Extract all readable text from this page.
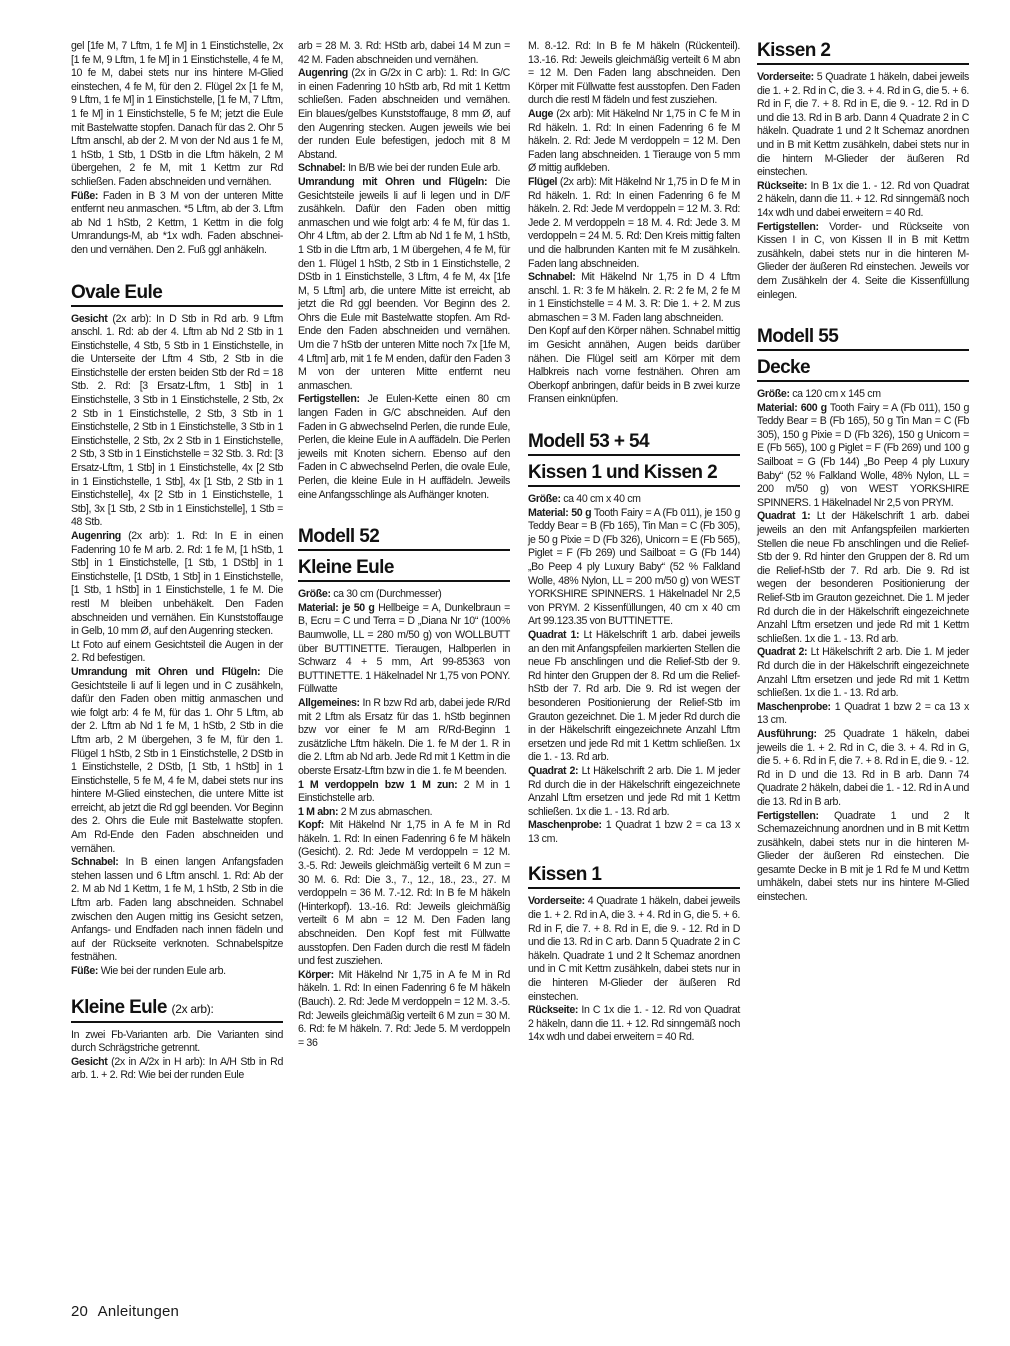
gel [1fe M, 7 Lftm, 1 fe M] in 1 Einstichstelle, 2x [1 fe M, 9 Lftm, 1 fe M] in 1 Einstichstelle, 4 fe M, 10 fe M, dabei stets nur ins hintere M-Glied einstechen, 4 fe M, für den 2. Flügel 2x [1 fe M, 9 Lftm, 1 fe M] in 1 Einstichstelle, [1 fe M, 7 Lftm, 1 fe M] in 1 Einstichstelle, 5 fe M; jetzt die Eule mit Bastelwatte stopfen. Danach für das 2. Ohr 5 Lftm anschl, ab der 2. M von der Nd aus 1 fe M, 1 hStb, 1 Stb, 1 DStb in die Lftm häkeln, 2 M übergehen, 2 fe M, mit 1 Kettm zur Rd schließen. Faden abschneiden und vernähen.

Füße: Faden in B 3 M von der unteren Mitte entfernt neu anmaschen. *5 Lftm, ab der 3. Lftm ab Nd 1 hStb, 2 Kettm, 1 Kettm in die folg Umrandungs-M, ab *1x wdh. Faden abschnei-den und vernähen. Den 2. Fuß ggl anhäkeln.

Ovale Eule

Gesicht (2x arb): In D Stb in Rd arb. 9 Lftm anschl. 1. Rd: ab der 4. Lftm ab Nd 2 Stb in 1 Einstichstelle, 4 Stb, 5 Stb in 1 Einstichstelle, in die Unterseite der Lftm 4 Stb, 2 Stb in die Einstichstelle der ersten beiden Stb der Rd = 18 Stb. 2. Rd: [3 Ersatz-Lftm, 1 Stb] in 1 Einstichstelle, 3 Stb in 1 Einstichstelle, 2 Stb, 2x 2 Stb in 1 Einstichstelle, 2 Stb, 3 Stb in 1 Einstichstelle, 2 Stb in 1 Einstichstelle, 3 Stb in 1 Einstichstelle, 2 Stb, 2x 2 Stb in 1 Einstichstelle, 2 Stb, 3 Stb in 1 Einstichstelle = 32 Stb. 3. Rd: [3 Ersatz-Lftm, 1 Stb] in 1 Einstichstelle, 4x [2 Stb in 1 Einstichstelle, 1 Stb], 4x [1 Stb, 2 Stb in 1 Einstichstelle], 4x [2 Stb in 1 Einstichstelle, 1 Stb], 3x [1 Stb, 2 Stb in 1 Einstichstelle], 1 Stb = 48 Stb.

Augenring (2x arb): 1. Rd: In E in einen Fadenring 10 fe M arb. 2. Rd: 1 fe M, [1 hStb, 1 Stb] in 1 Einstichstelle, [1 Stb, 1 DStb] in 1 Einstichstelle, [1 DStb, 1 Stb] in 1 Einstichstelle, [1 Stb, 1 hStb] in 1 Einstichstelle, 1 fe M. Die restl M bleiben unbehäkelt. Den Faden abschneiden und vernähen. Ein Kunststoffauge in Gelb, 10 mm Ø, auf den Augenring stecken.

Lt Foto auf einem Gesichtsteil die Augen in der 2. Rd befestigen.

Umrandung mit Ohren und Flügeln: Die Gesichtsteile li auf li legen und in C zusähkeln, dafür den Faden oben mittig anmaschen und wie folgt arb: 4 fe M, für das 1. Ohr 5 Lftm, ab der 2. Lftm ab Nd 1 fe M, 1 hStb, 2 Stb in die Lftm arb, 2 M übergehen, 3 fe M, für den 1. Flügel 1 hStb, 2 Stb in 1 Einstichstelle, 2 DStb in 1 Einstichstelle, 2 DStb, [1 Stb, 1 hStb] in 1 Einstichstelle, 5 fe M, 4 fe M, dabei stets nur ins hintere M-Glied einstechen, die untere Mitte ist erreicht, ab jetzt die Rd ggl beenden. Vor Beginn des 2. Ohrs die Eule mit Bastelwatte stopfen. Am Rd-Ende den Faden abschneiden und vernähen.

Schnabel: In B einen langen Anfangsfaden stehen lassen und 6 Lftm anschl. 1. Rd: Ab der 2. M ab Nd 1 Kettm, 1 fe M, 1 hStb, 2 Stb in die Lftm arb. Faden lang abschneiden. Schnabel zwischen den Augen mittig ins Gesicht setzen, Anfangs- und Endfaden nach innen fädeln und auf der Rückseite verknoten. Schnabelspitze festnähen.

Füße: Wie bei der runden Eule arb.

Kleine Eule (2x arb):

In zwei Fb-Varianten arb. Die Varianten sind durch Schrägstriche getrennt.

Gesicht (2x in A/2x in H arb): In A/H Stb in Rd arb. 1. + 2. Rd: Wie bei der runden Eule

arb = 28 M. 3. Rd: HStb arb, dabei 14 M zun = 42 M. Faden abschneiden und vernähen.

Augenring (2x in G/2x in C arb): 1. Rd: In G/C in einen Fadenring 10 hStb arb, Rd mit 1 Kettm schließen. Faden abschneiden und vernähen. Ein blaues/gelbes Kunststoffauge, 8 mm Ø, auf den Augenring stecken. Augen jeweils wie bei der runden Eule befestigen, jedoch mit 8 M Abstand.

Schnabel: In B/B wie bei der runden Eule arb.

Umrandung mit Ohren und Flügeln: Die Gesichtsteile jeweils li auf li legen und in D/F zusähkeln. Dafür den Faden oben mittig anmaschen und wie folgt arb: 4 fe M, für das 1. Ohr 4 Lftm, ab der 2. Lftm ab Nd 1 fe M, 1 hStb, 1 Stb in die Lftm arb, 1 M übergehen, 4 fe M, für den 1. Flügel 1 hStb, 2 Stb in 1 Einstichstelle, 2 DStb in 1 Einstichstelle, 3 Lftm, 4 fe M, 4x [1fe M, 5 Lftm] arb, die untere Mitte ist erreicht, ab jetzt die Rd ggl beenden. Vor Beginn des 2. Ohrs die Eule mit Bastelwatte stopfen. Am Rd-Ende den Faden abschneiden und vernähen. Um die 7 hStb der unteren Mitte noch 7x [1fe M, 4 Lftm] arb, mit 1 fe M enden, dafür den Faden 3 M von der unteren Mitte entfernt neu anmaschen.

Fertigstellen: Je Eulen-Kette einen 80 cm langen Faden in G/C abschneiden. Auf den Faden in G abwechselnd Perlen, die runde Eule, Perlen, die kleine Eule in A auffädeln. Die Perlen jeweils mit Knoten sichern. Ebenso auf den Faden in C abwechselnd Perlen, die ovale Eule, Perlen, die kleine Eule in H auffädeln. Jeweils eine Anfangsschlinge als Aufhänger knoten.

Modell 52
Kleine Eule

Größe: ca 30 cm (Durchmesser)

Material: je 50 g Hellbeige = A, Dunkelbraun = B, Ecru = C und Terra = D „Diana Nr 10“ (100% Baumwolle, LL = 280 m/50 g) von WOLLBUTT über BUTTINETTE. Tieraugen, Halbperlen in Schwarz 4 + 5 mm, Art 99-85363 von BUTTINETTE. 1 Häkelnadel Nr 1,75 von PONY. Füllwatte

Allgemeines: In R bzw Rd arb, dabei jede R/Rd mit 2 Lftm als Ersatz für das 1. hStb beginnen bzw vor einer fe M am R/Rd-Beginn 1 zusätzliche Lftm häkeln. Die 1. fe M der 1. R in die 2. Lftm ab Nd arb. Jede Rd mit 1 Kettm in die oberste Ersatz-Lftm bzw in die 1. fe M beenden.

1 M verdoppeln bzw 1 M zun: 2 M in 1 Einstichstelle arb.

1 M abn: 2 M zus abmaschen.

Kopf: Mit Häkelnd Nr 1,75 in A fe M in Rd häkeln. 1. Rd: In einen Fadenring 6 fe M häkeln (Gesicht). 2. Rd: Jede M verdoppeln = 12 M. 3.-5. Rd: Jeweils gleichmäßig verteilt 6 M zun = 30 M. 6. Rd: Die 3., 7., 12., 18., 23., 27. M verdoppeln = 36 M. 7.-12. Rd: In B fe M häkeln (Hinterkopf). 13.-16. Rd: Jeweils gleichmäßig verteilt 6 M abn = 12 M. Den Faden lang abschneiden. Den Kopf fest mit Füllwatte ausstopfen. Den Faden durch die restl M fädeln und fest zusziehen.

Körper: Mit Häkelnd Nr 1,75 in A fe M in Rd häkeln. 1. Rd: In einen Fadenring 6 fe M häkeln (Bauch). 2. Rd: Jede M verdoppeln = 12 M. 3.-5. Rd: Jeweils gleichmäßig verteilt 6 M zun = 30 M. 6. Rd: fe M häkeln. 7. Rd: Jede 5. M verdoppeln = 36

M. 8.-12. Rd: In B fe M häkeln (Rückenteil). 13.-16. Rd: Jeweils gleichmäßig verteilt 6 M abn = 12 M. Den Faden lang abschneiden. Den Körper mit Füllwatte fest ausstopfen. Den Faden durch die restl M fädeln und fest zusziehen.

Auge (2x arb): Mit Häkelnd Nr 1,75 in C fe M in Rd häkeln. 1. Rd: In einen Fadenring 6 fe M häkeln. 2. Rd: Jede M verdoppeln = 12 M. Den Faden lang abschneiden. 1 Tierauge von 5 mm Ø mittig aufkleben.

Flügel (2x arb): Mit Häkelnd Nr 1,75 in D fe M in Rd häkeln. 1. Rd: In einen Fadenring 6 fe M häkeln. 2. Rd: Jede M verdoppeln = 12 M. 3. Rd: Jede 2. M verdoppeln = 18 M. 4. Rd: Jede 3. M verdoppeln = 24 M. 5. Rd: Den Kreis mittig falten und die halbrunden Kanten mit fe M zusähkeln. Faden lang abschneiden.

Schnabel: Mit Häkelnd Nr 1,75 in D 4 Lftm anschl. 1. R: 3 fe M häkeln. 2. R: 2 fe M, 2 fe M in 1 Einstichstelle = 4 M. 3. R: Die 1. + 2. M zus abmaschen = 3 M. Faden lang abschneiden.

Den Kopf auf den Körper nähen. Schnabel mittig im Gesicht annähen, Augen beids darüber nähen. Die Flügel seitl am Körper mit dem Halbkreis nach vorne festnähen. Ohren am Oberkopf anbringen, dafür beids in B zwei kurze Fransen einknüpfen.

Modell 53 + 54
Kissen 1 und Kissen 2

Größe: ca 40 cm x 40 cm

Material: 50 g Tooth Fairy = A (Fb 011), je 150 g Teddy Bear = B (Fb 165), Tin Man = C (Fb 305), je 50 g Pixie = D (Fb 326), Unicorn = E (Fb 565), Piglet = F (Fb 269) und Sailboat = G (Fb 144) „Bo Peep 4 ply Luxury Baby“ (52 % Falkland Wolle, 48% Nylon, LL = 200 m/50 g) von WEST YORKSHIRE SPINNERS. 1 Häkelnadel Nr 2,5 von PRYM. 2 Kissenfüllungen, 40 cm x 40 cm Art 99.123.35 von BUTTINETTE.

Quadrat 1: Lt Häkelschrift 1 arb. dabei jeweils an den mit Anfangspfeilen markierten Stellen die neue Fb anschlingen und die Relief-Stb der 9. Rd hinter den Gruppen der 8. Rd um die Relief-hStb der 7. Rd arb. Die 9. Rd ist wegen der besonderen Positionierung der Relief-Stb im Grauton gezeichnet. Die 1. M jeder Rd durch die in der Häkelschrift eingezeichnete Anzahl Lftm ersetzen und jede Rd mit 1 Kettm schließen. 1x die 1. - 13. Rd arb.

Quadrat 2: Lt Häkelschrift 2 arb. Die 1. M jeder Rd durch die in der Häkelschrift eingezeichnete Anzahl Lftm ersetzen und jede Rd mit 1 Kettm schließen. 1x die 1. - 13. Rd arb.

Maschenprobe: 1 Quadrat 1 bzw 2 = ca 13 x 13 cm.

Kissen 1

Vorderseite: 4 Quadrate 1 häkeln, dabei jeweils die 1. + 2. Rd in A, die 3. + 4. Rd in G, die 5. + 6. Rd in F, die 7. + 8. Rd in E, die 9. - 12. Rd in D und die 13. Rd in C arb. Dann 5 Quadrate 2 in C häkeln. Quadrate 1 und 2 lt Schemaz anordnen und in C mit Kettm zusähkeln, dabei stets nur in die hinteren M-Glieder der äußeren Rd einstechen.

Rückseite: In C 1x die 1. - 12. Rd von Quadrat 2 häkeln, dann die 11. + 12. Rd sinngemäß noch 14x wdh und dabei erweitern = 40 Rd.

Kissen 2

Vorderseite: 5 Quadrate 1 häkeln, dabei jeweils die 1. + 2. Rd in C, die 3. + 4. Rd in G, die 5. + 6. Rd in F, die 7. + 8. Rd in E, die 9. - 12. Rd in D und die 13. Rd in B arb. Dann 4 Quadrate 2 in C häkeln. Quadrate 1 und 2 lt Schemaz anordnen und in B mit Kettm zusähkeln, dabei stets nur in die hintern M-Glieder der äußeren Rd einstechen.

Rückseite: In B 1x die 1. - 12. Rd von Quadrat 2 häkeln, dann die 11. + 12. Rd sinngemäß noch 14x wdh und dabei erweitern = 40 Rd.

Fertigstellen: Vorder- und Rückseite von Kissen I in C, von Kissen II in B mit Kettm zusähkeln, dabei stets nur in die hinteren M-Glieder der äußeren Rd einstechen. Jeweils vor dem Zusähkeln der 4. Seite die Kissenfüllung einlegen.

Modell 55
Decke

Größe: ca 120 cm x 145 cm

Material: 600 g Tooth Fairy = A (Fb 011), 150 g Teddy Bear = B (Fb 165), 50 g Tin Man = C (Fb 305), 150 g Pixie = D (Fb 326), 150 g Unicorn = E (Fb 565), 100 g Piglet = F (Fb 269) und 100 g Sailboat = G (Fb 144) „Bo Peep 4 ply Luxury Baby“ (52 % Falkland Wolle, 48% Nylon, LL = 200 m/50 g) von WEST YORKSHIRE SPINNERS. 1 Häkelnadel Nr 2,5 von PRYM.

Quadrat 1: Lt der Häkelschrift 1 arb. dabei jeweils an den mit Anfangspfeilen markierten Stellen die neue Fb anschlingen und die Relief-Stb der 9. Rd hinter den Gruppen der 8. Rd um die Relief-hStb der 7. Rd arb. Die 9. Rd ist wegen der besonderen Positionierung der Relief-Stb im Grauton gezeichnet. Die 1. M jeder Rd durch die in der Häkelschrift eingezeichnete Anzahl Lftm ersetzen und jede Rd mit 1 Kettm schließen. 1x die 1. - 13. Rd arb.

Quadrat 2: Lt Häkelschrift 2 arb. Die 1. M jeder Rd durch die in der Häkelschrift eingezeichnete Anzahl Lftm ersetzen und jede Rd mit 1 Kettm schließen. 1x die 1. - 13. Rd arb.

Maschenprobe: 1 Quadrat 1 bzw 2 = ca 13 x 13 cm.

Ausführung: 25 Quadrate 1 häkeln, dabei jeweils die 1. + 2. Rd in C, die 3. + 4. Rd in G, die 5. + 6. Rd in F, die 7. + 8. Rd in E, die 9. - 12. Rd in D und die 13. Rd in B arb. Dann 74 Quadrate 2 häkeln, dabei die 1. - 12. Rd in A und die 13. Rd in B arb.

Fertigstellen: Quadrate 1 und 2 lt Schemazeichnung anordnen und in B mit Kettm zusähkeln, dabei stets nur in die hinteren M-Glieder der äußeren Rd einstechen. Die gesamte Decke in B mit je 1 Rd fe M und Kettm umhäkeln, dabei stets nur ins hintere M-Glied einstechen.

20 Anleitungen
